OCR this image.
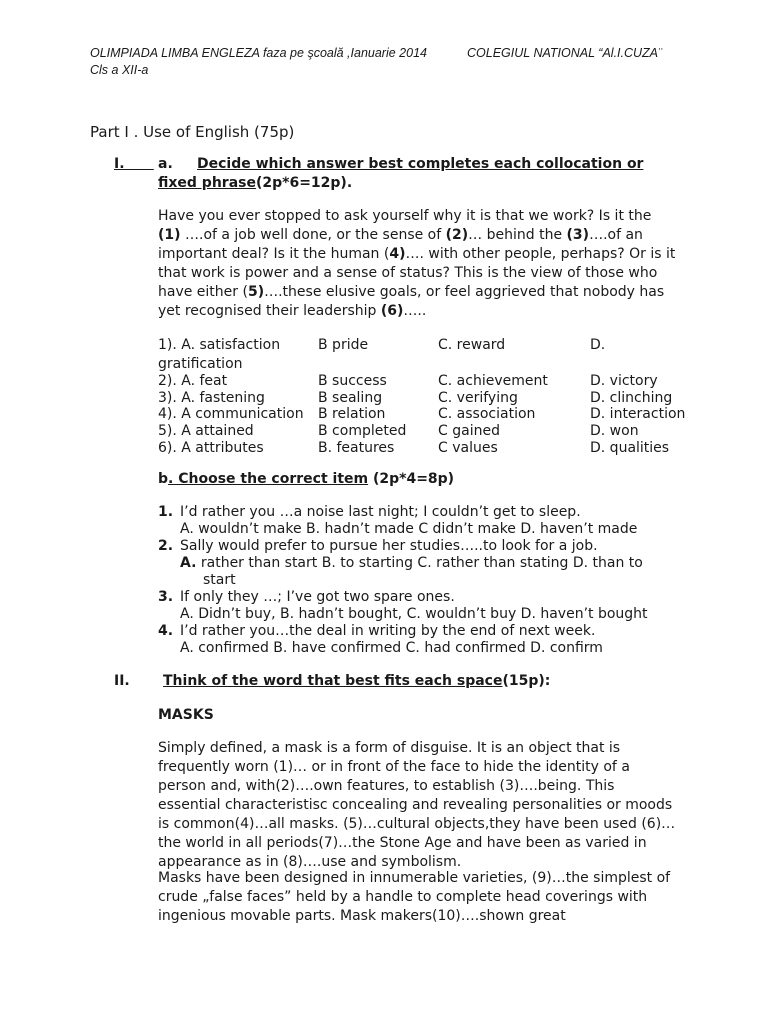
OLIMPIADA LIMBA ENGLEZA faza pe şcoală ,Ianuarie 2014	COLEGIUL NATIONAL “Al.I.CUZA¨
Cls a XII-a
Part I . Use of English (75p)
I.	a. Decide which answer best completes each collocation or
fixed phrase(2p*6=12p).
Have you ever stopped to ask yourself why it is that we work? Is it the (1) ….of a job well done, or the sense of (2)… behind the (3)….of an important deal? Is it the human (4)…. with other people, perhaps? Or is it that work is power and a sense of status? This is the view of those who have either (5)….these elusive goals, or feel aggrieved that nobody has yet recognised their leadership (6)…..
1). A. satisfaction	B pride	C. reward	D.
gratification
2). A. feat	B success	C. achievement	D. victory
3). A. fastening	B sealing	C. verifying	D. clinching
4). A communication B relation	C. association	D. interaction
5). A attained	B completed C gained	D. won
6). A attributes	B. features	C values	D. qualities
b. Choose the correct item (2p*4=8p)
1. I’d rather you …a noise last night; I couldn’t get to sleep.
A. wouldn’t make B. hadn’t made C didn’t make D. haven’t made
2. Sally would prefer to pursue her studies…..to look for a job.
A. rather than start B. to starting C. rather than stating D. than to
start
3. If only they …; I’ve got two spare ones.
A. Didn’t buy, B. hadn’t bought, C. wouldn’t buy D. haven’t bought
4. I’d rather you…the deal in writing by the end of next week.
A. confirmed B. have confirmed C. had confirmed D. confirm
II. Think of the word that best fits each space(15p):
MASKS
Simply defined, a mask is a form of disguise. It is an object that is frequently worn (1)… or in front of the face to hide the identity of a person and, with(2)….own features, to establish (3)….being. This essential characteristisc concealing and revealing personalities or moods is common(4)…all masks. (5)…cultural objects,they have been used (6)…the world in all periods(7)…the Stone Age and have been as varied in appearance as in (8)….use and symbolism.
Masks have been designed in innumerable varieties, (9)…the simplest of crude „false faces” held by a handle to complete head coverings with ingenious movable parts. Mask makers(10)….shown great
